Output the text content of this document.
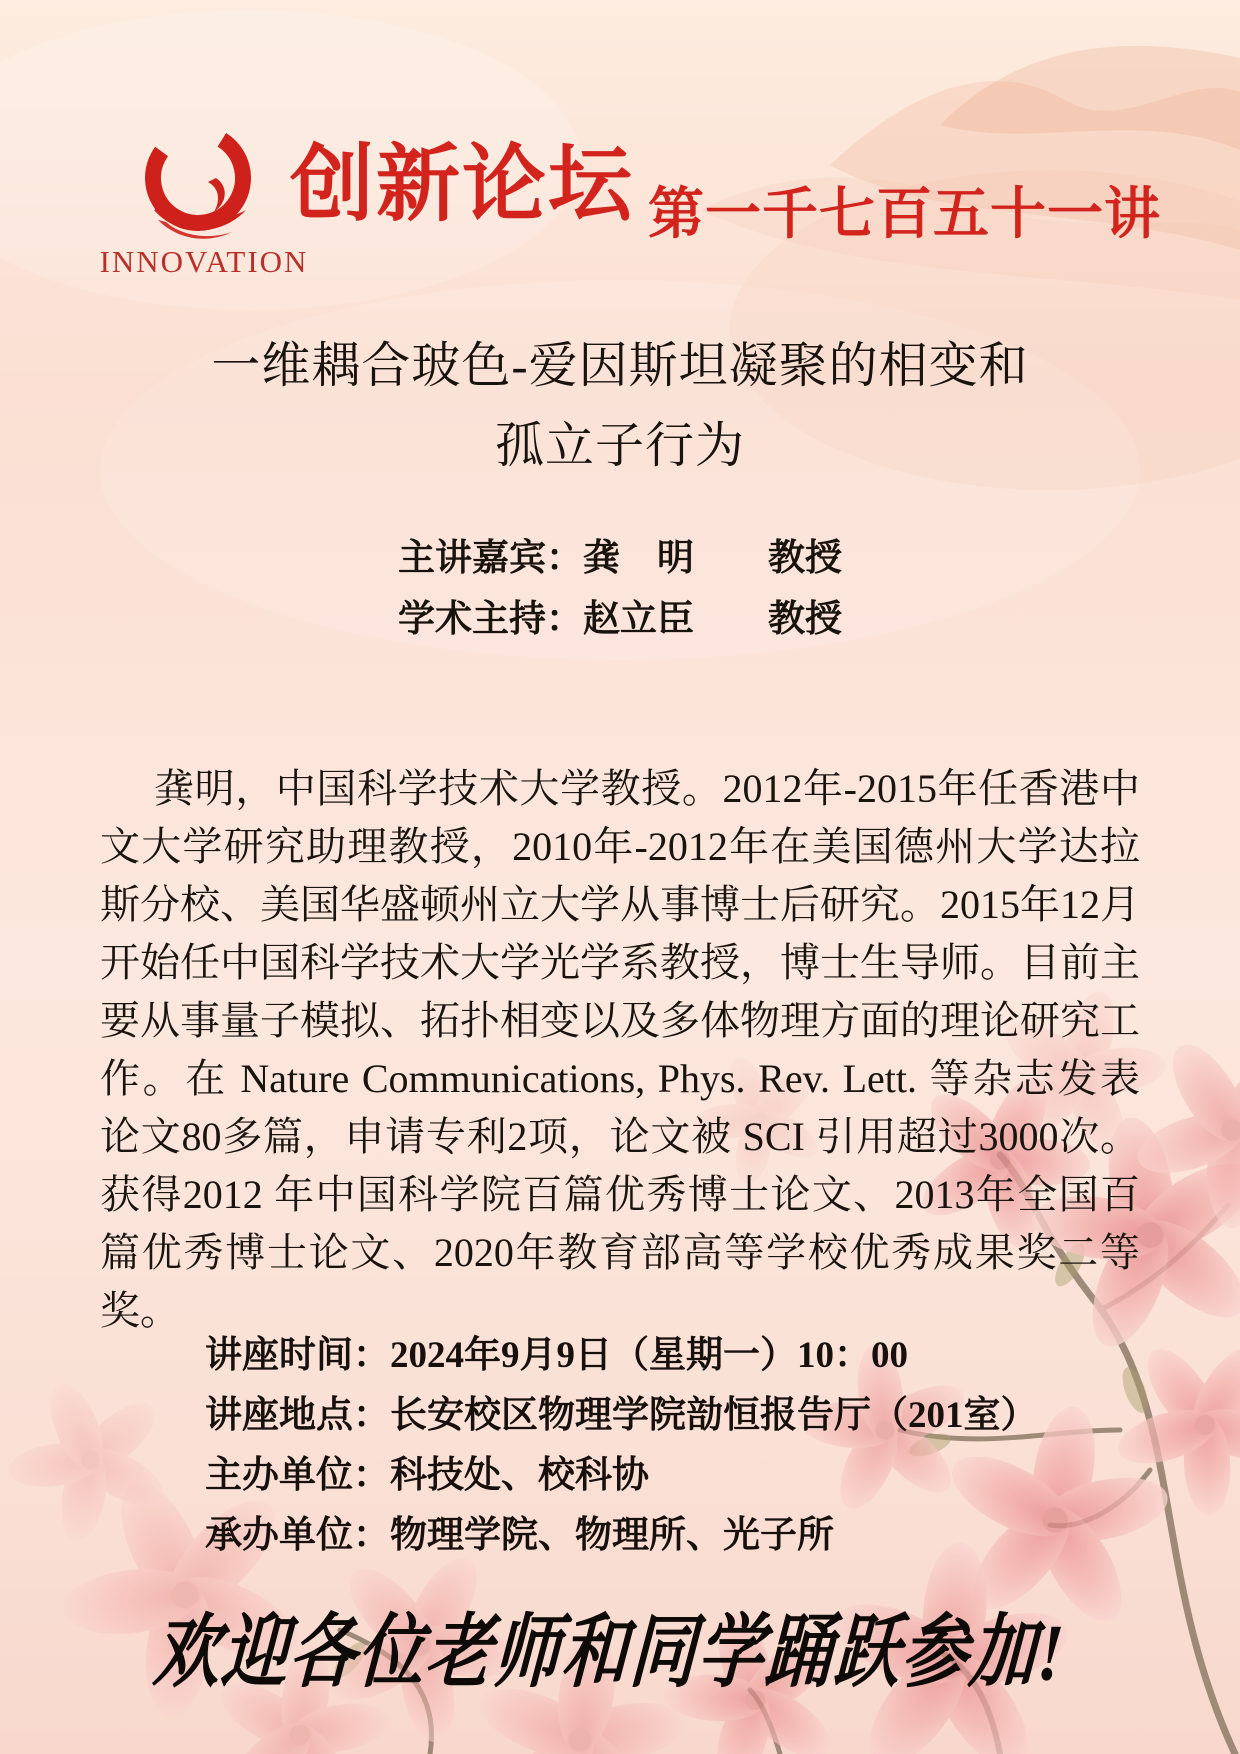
INNOVATION
创新论坛 第一千七百五十一讲
一维耦合玻色-爱因斯坦凝聚的相变和
孤立子行为
主讲嘉宾：龚　明　　教授
学术主持：赵立臣　　教授

龚明，中国科学技术大学教授。2012年-2015年任香港中文大学研究助理教授，2010年-2012年在美国德州大学达拉斯分校、美国华盛顿州立大学从事博士后研究。2015年12月开始任中国科学技术大学光学系教授，博士生导师。目前主要从事量子模拟、拓扑相变以及多体物理方面的理论研究工作。在 Nature Communications, Phys. Rev. Lett. 等杂志发表论文80多篇，申请专利2项，论文被 SCI 引用超过3000次。获得2012 年中国科学院百篇优秀博士论文、2013年全国百篇优秀博士论文、2020年教育部高等学校优秀成果奖二等奖。

讲座时间：2024年9月9日（星期一）10：00
讲座地点：长安校区物理学院勏恒报告厅（201室）
主办单位：科技处、校科协
承办单位：物理学院、物理所、光子所
欢迎各位老师和同学踊跃参加!
